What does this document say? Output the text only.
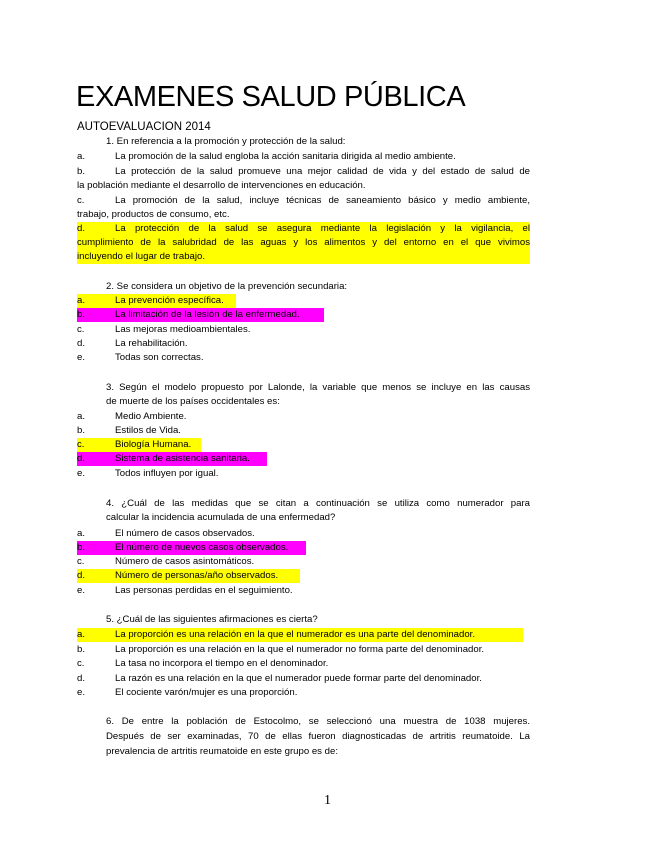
EXAMENES SALUD PÚBLICA
AUTOEVALUACION 2014
1. En referencia a la promoción y protección de la salud:
a.	La promoción de la salud engloba la acción sanitaria dirigida al medio ambiente.
b.	La protección de la salud promueve una mejor calidad de vida y del estado de salud de
la población mediante el desarrollo de intervenciones en educación.
c.	La promoción de la salud, incluye técnicas de saneamiento básico y medio ambiente,
trabajo, productos de consumo, etc.
d.	La protección de la salud se asegura mediante la legislación y la vigilancia, el
cumplimiento de la salubridad de las aguas y los alimentos y del entorno en el que vivimos
incluyendo el lugar de trabajo.
2. Se considera un objetivo de la prevención secundaria:
a.	La prevención específica.
b.	La limitación de la lesión de la enfermedad.
c.	Las mejoras medioambientales.
d.	La rehabilitación.
e.	Todas son correctas.
3. Según el modelo propuesto por Lalonde, la variable que menos se incluye en las causas
de muerte de los países occidentales es:
a.	Medio Ambiente.
b.	Estilos de Vida.
c.	Biología Humana.
d.	Sistema de asistencia sanitaria.
e.	Todos influyen por igual.
4. ¿Cuál de las medidas que se citan a continuación se utiliza como numerador para
calcular la incidencia acumulada de una enfermedad?
a.	El número de casos observados.
b.	El número de nuevos casos observados.
c.	Número de casos asintomáticos.
d.	Número de personas/año observados.
e.	Las personas perdidas en el seguimiento.
5. ¿Cuál de las siguientes afirmaciones es cierta?
a.	La proporción es una relación en la que el numerador es una parte del denominador.
b.	La proporción es una relación en la que el numerador no forma parte del denominador.
c.	La tasa no incorpora el tiempo en el denominador.
d.	La razón es una relación en la que el numerador puede formar parte del denominador.
e.	El cociente varón/mujer es una proporción.
6. De entre la población de Estocolmo, se seleccionó una muestra de 1038 mujeres.
Después de ser examinadas, 70 de ellas fueron diagnosticadas de artritis reumatoide. La
prevalencia de artritis reumatoide en este grupo es de:
1
